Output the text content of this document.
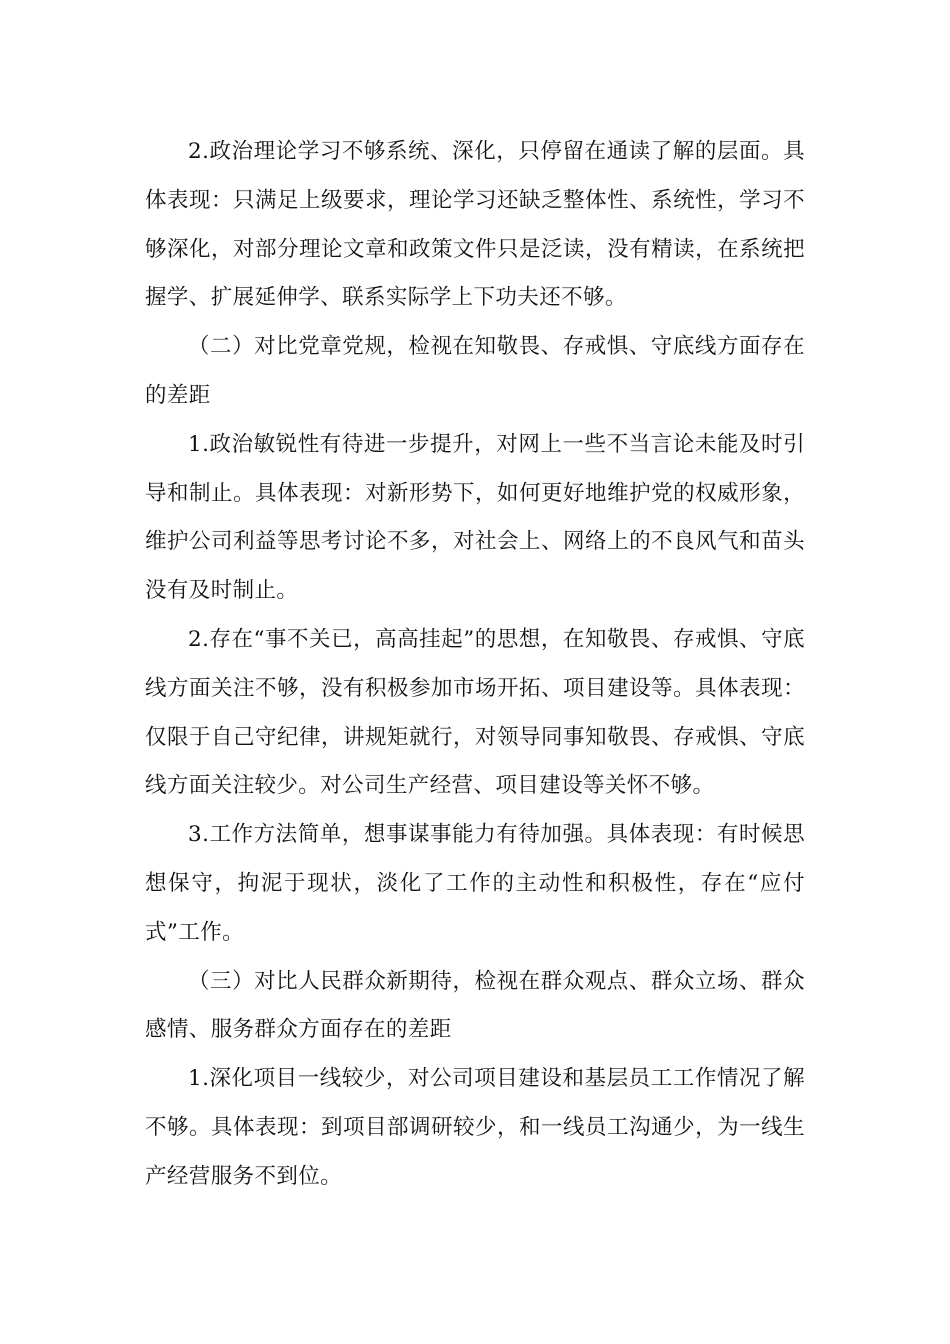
2.政治理论学习不够系统、深化，只停留在通读了解的层面。具体表现：只满足上级要求，理论学习还缺乏整体性、系统性，学习不够深化，对部分理论文章和政策文件只是泛读，没有精读，在系统把握学、扩展延伸学、联系实际学上下功夫还不够。

（二）对比党章党规，检视在知敬畏、存戒惧、守底线方面存在的差距

1.政治敏锐性有待进一步提升，对网上一些不当言论未能及时引导和制止。具体表现：对新形势下，如何更好地维护党的权威形象，维护公司利益等思考讨论不多，对社会上、网络上的不良风气和苗头没有及时制止。

2.存在“事不关已，高高挂起”的思想，在知敬畏、存戒惧、守底线方面关注不够，没有积极参加市场开拓、项目建设等。具体表现：仅限于自己守纪律，讲规矩就行，对领导同事知敬畏、存戒惧、守底线方面关注较少。对公司生产经营、项目建设等关怀不够。

3.工作方法简单，想事谋事能力有待加强。具体表现：有时候思想保守，拘泥于现状，淡化了工作的主动性和积极性，存在“应付式”工作。

（三）对比人民群众新期待，检视在群众观点、群众立场、群众感情、服务群众方面存在的差距

1.深化项目一线较少，对公司项目建设和基层员工工作情况了解不够。具体表现：到项目部调研较少，和一线员工沟通少，为一线生产经营服务不到位。
